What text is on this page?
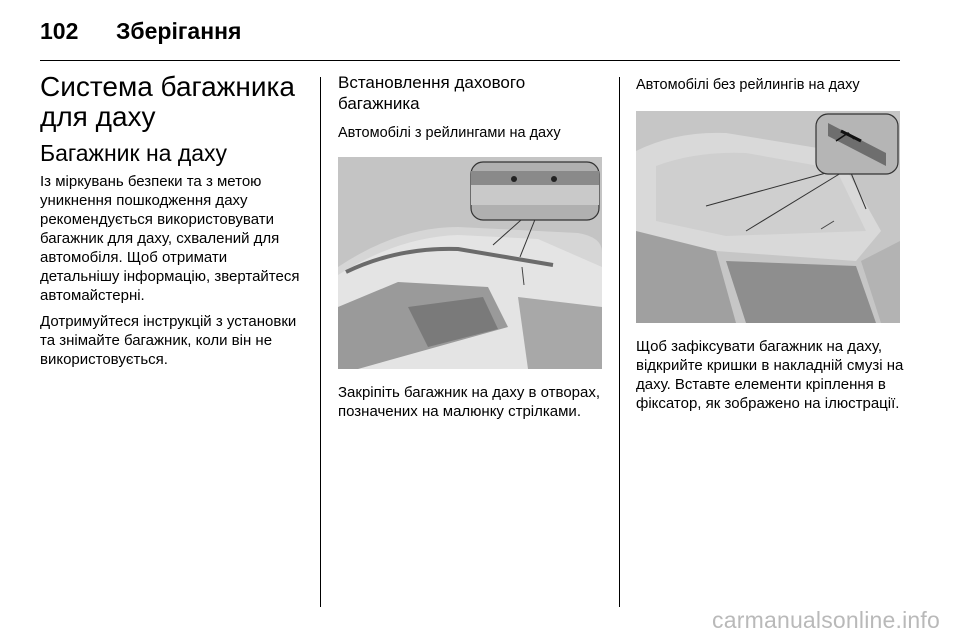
102	Зберігання
Система багажника для даху
Багажник на даху

Із міркувань безпеки та з метою уникнення пошкодження даху рекомендується використовувати багажник для даху, схвалений для автомобіля. Щоб отримати детальнішу інформацію, звертайтеся автомайстерні.

Дотримуйтеся інструкцій з установки та знімайте багажник, коли він не використовується.

Встановлення дахового багажника
Автомобілі з рейлингами на даху

Закріпіть багажник на даху в отворах, позначених на малюнку стрілками.

Автомобілі без рейлингів на даху

Щоб зафіксувати багажник на даху, відкрийте кришки в накладній смузі на даху. Вставте елементи кріплення в фіксатор, як зображено на ілюстрації.

carmanualsonline.info
